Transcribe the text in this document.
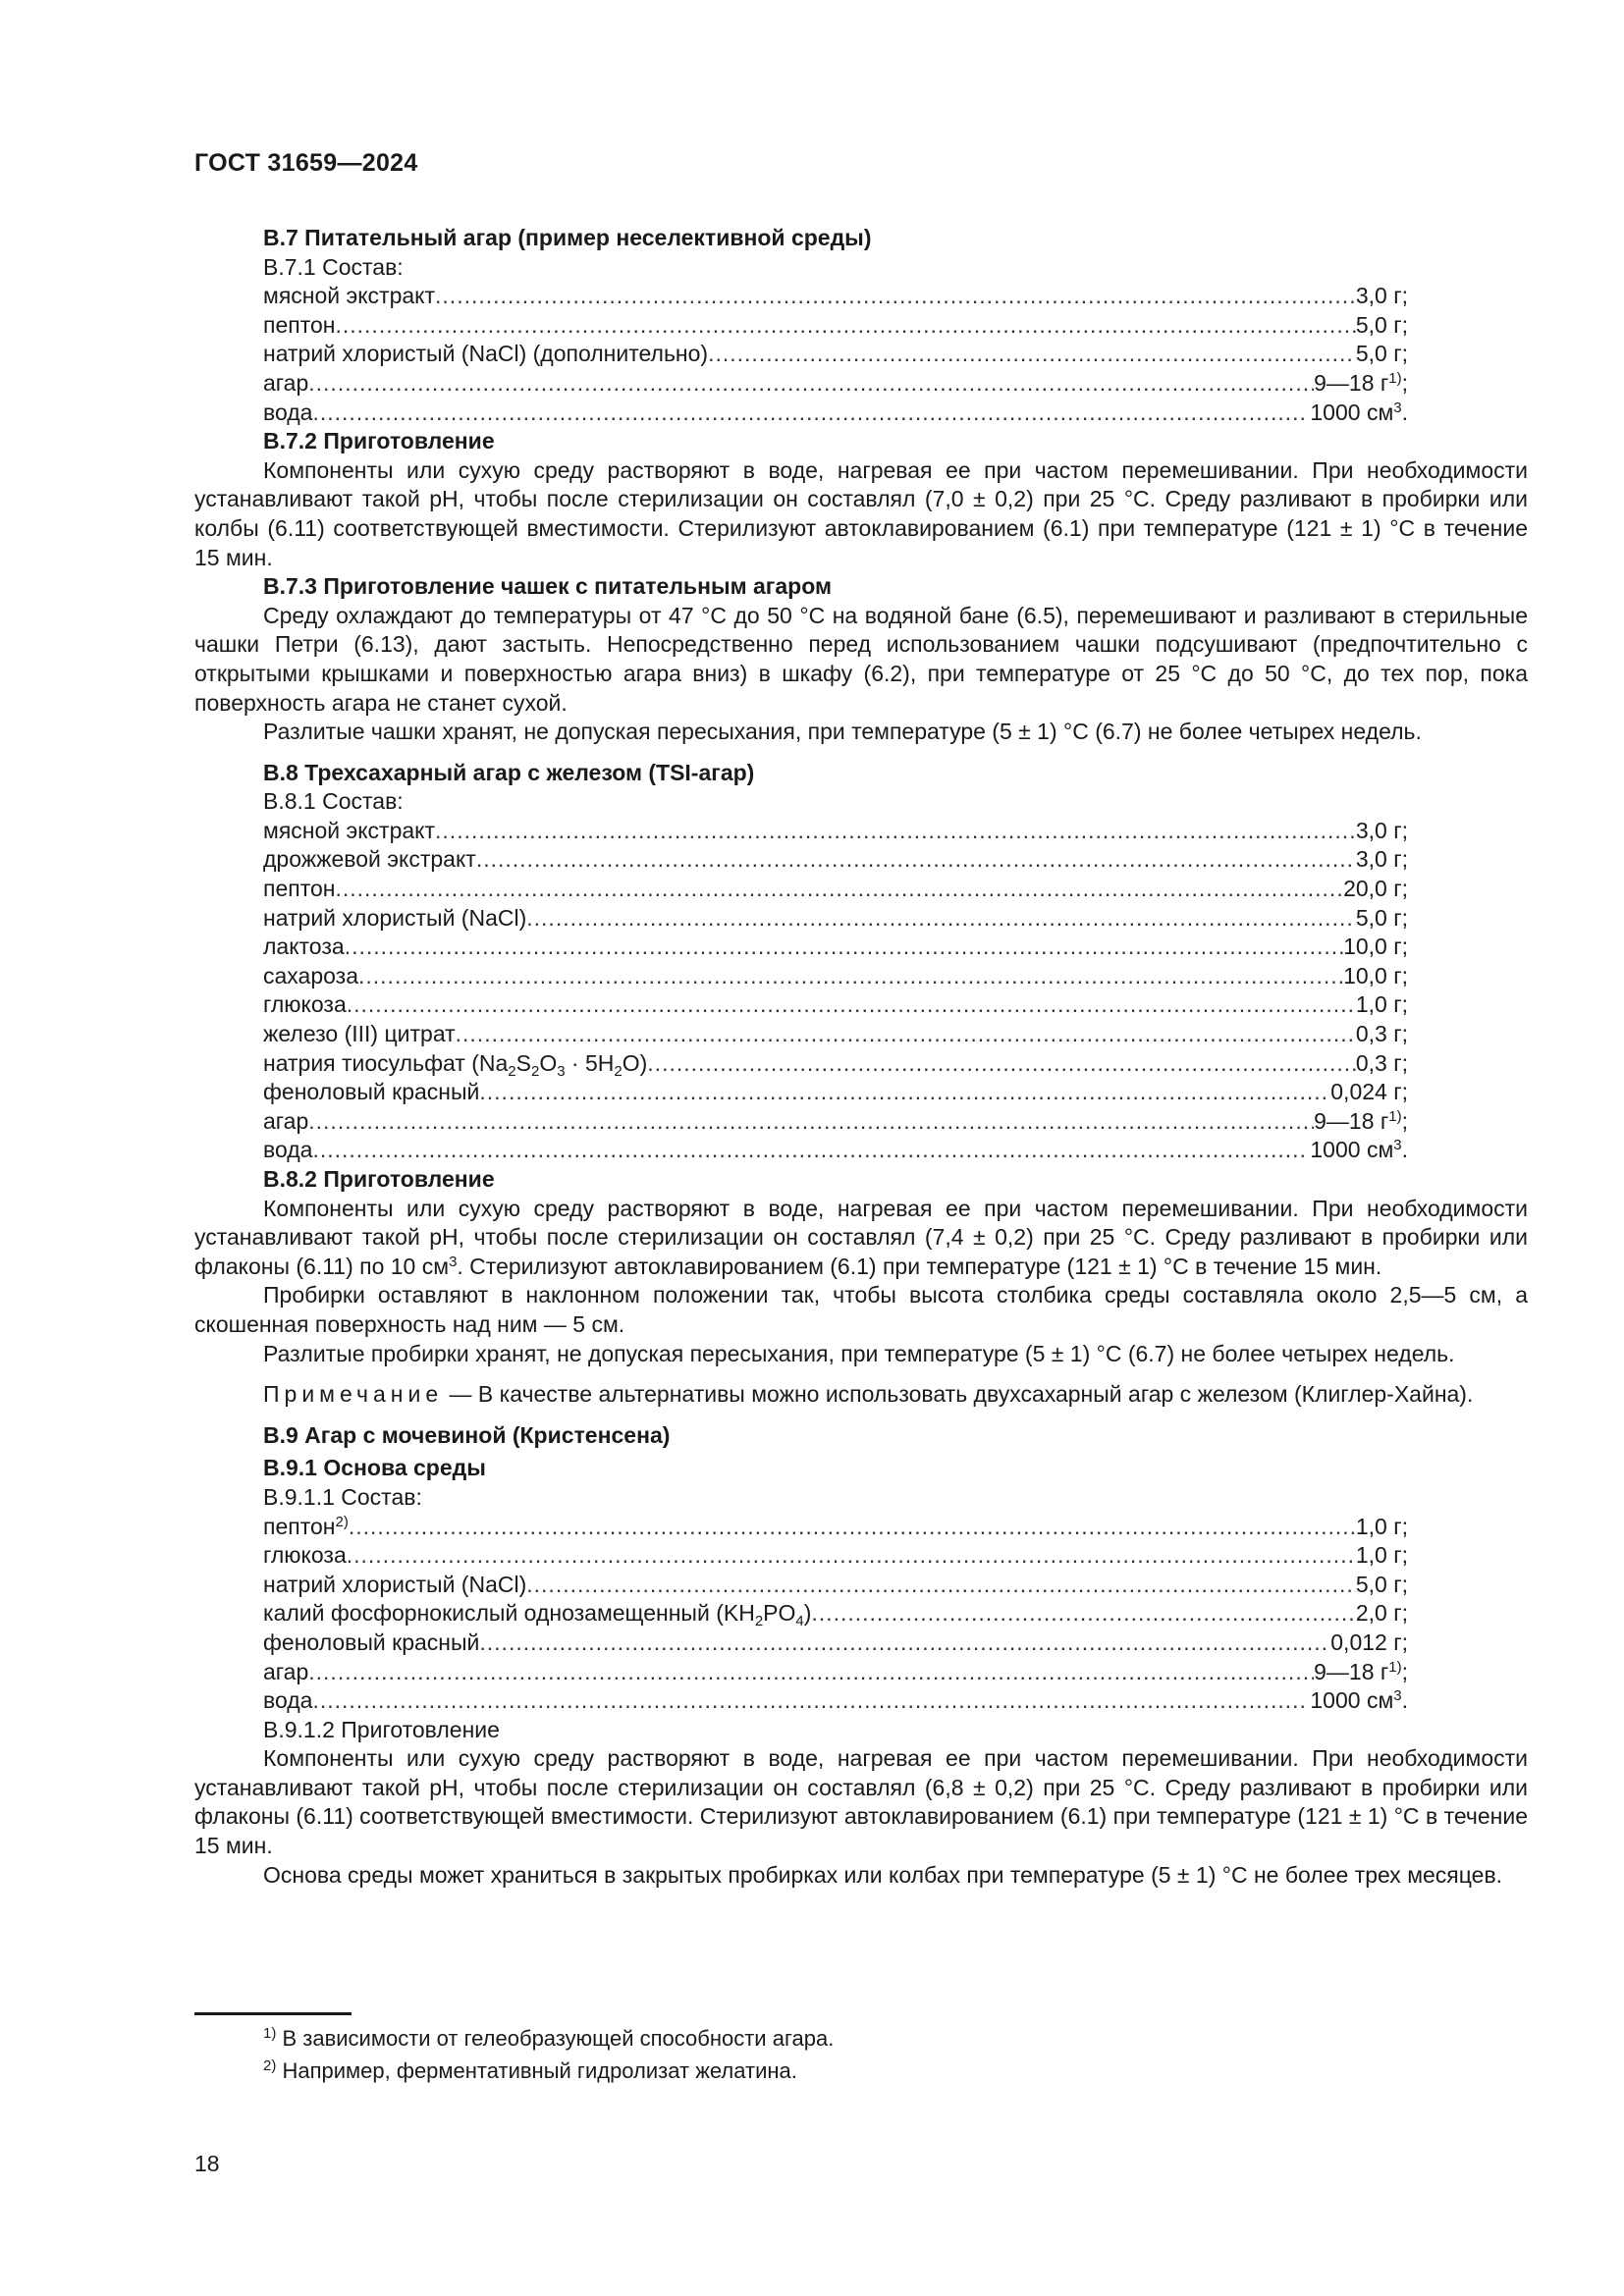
ГОСТ 31659—2024

B.7 Питательный агар (пример неселективной среды)

B.7.1 Состав:

мясной экстракт .....	3,0 г;
пептон .....	5,0 г;
натрий хлористый (NaCl) (дополнительно) .....	5,0 г;
агар .....	9—18 $г^{1)}$;
вода .....	1000 $см^3$.

B.7.2 Приготовление

Компоненты или сухую среду растворяют в воде, нагревая ее при частом перемешивании. При необходимости устанавливают такой pH, чтобы после стерилизации он составлял (7,0 ± 0,2) при 25 °С. Среду разливают в пробирки или колбы (6.11) соответствующей вместимости. Стерилизуют автоклавированием (6.1) при температуре (121 ± 1) °С в течение 15 мин.

B.7.3 Приготовление чашек с питательным агаром

Среду охлаждают до температуры от 47 °С до 50 °С на водяной бане (6.5), перемешивают и разливают в стерильные чашки Петри (6.13), дают застыть. Непосредственно перед использованием чашки подсушивают (предпочтительно с открытыми крышками и поверхностью агара вниз) в шкафу (6.2), при температуре от 25 °С до 50 °С, до тех пор, пока поверхность агара не станет сухой.

Разлитые чашки хранят, не допуская пересыхания, при температуре (5 ± 1) °С (6.7) не более четырех недель.

B.8 Трехсахарный агар с железом (TSI-агар)

B.8.1 Состав:

мясной экстракт .....	3,0 г;
дрожжевой экстракт .....	3,0 г;
пептон .....	20,0 г;
натрий хлористый (NaCl) .....	5,0 г;
лактоза .....	10,0 г;
сахароза .....	10,0 г;
глюкоза .....	1,0 г;
железо (III) цитрат .....	0,3 г;
натрия тиосульфат $(Na_2S_2O_3 \cdot 5H_2O)$ .....	0,3 г;
феноловый красный .....	0,024 г;
агар .....	9—18 $г^{1)}$;
вода .....	1000 $см^3$.

B.8.2 Приготовление

Компоненты или сухую среду растворяют в воде, нагревая ее при частом перемешивании. При необходимости устанавливают такой pH, чтобы после стерилизации он составлял (7,4 ± 0,2) при 25 °С. Среду разливают в пробирки или флаконы (6.11) по 10 $см^3$. Стерилизуют автоклавированием (6.1) при температуре (121 ± 1) °С в течение 15 мин.

Пробирки оставляют в наклонном положении так, чтобы высота столбика среды составляла около 2,5—5 см, а скошенная поверхность над ним — 5 см.

Разлитые пробирки хранят, не допуская пересыхания, при температуре (5 ± 1) °С (6.7) не более четырех недель.

Примечание — В качестве альтернативы можно использовать двухсахарный агар с железом (Клиглер-Хайна).

B.9 Агар с мочевиной (Кристенсена)

B.9.1 Основа среды

B.9.1.1 Состав:

пептон$^{2)}$ .....	1,0 г;
глюкоза .....	1,0 г;
натрий хлористый (NaCl) .....	5,0 г;
калий фосфорнокислый однозамещенный $(KH_2PO_4)$ .....	2,0 г;
феноловый красный .....	0,012 г;
агар .....	9—18 $г^{1)}$;
вода .....	1000 $см^3$.

B.9.1.2 Приготовление

Компоненты или сухую среду растворяют в воде, нагревая ее при частом перемешивании. При необходимости устанавливают такой pH, чтобы после стерилизации он составлял (6,8 ± 0,2) при 25 °С. Среду разливают в пробирки или флаконы (6.11) соответствующей вместимости. Стерилизуют автоклавированием (6.1) при температуре (121 ± 1) °С в течение 15 мин.

Основа среды может храниться в закрытых пробирках или колбах при температуре (5 ± 1) °С не более трех месяцев.

$^{1)}$ В зависимости от гелеобразующей способности агара.
$^{2)}$ Например, ферментативный гидролизат желатина.
18
